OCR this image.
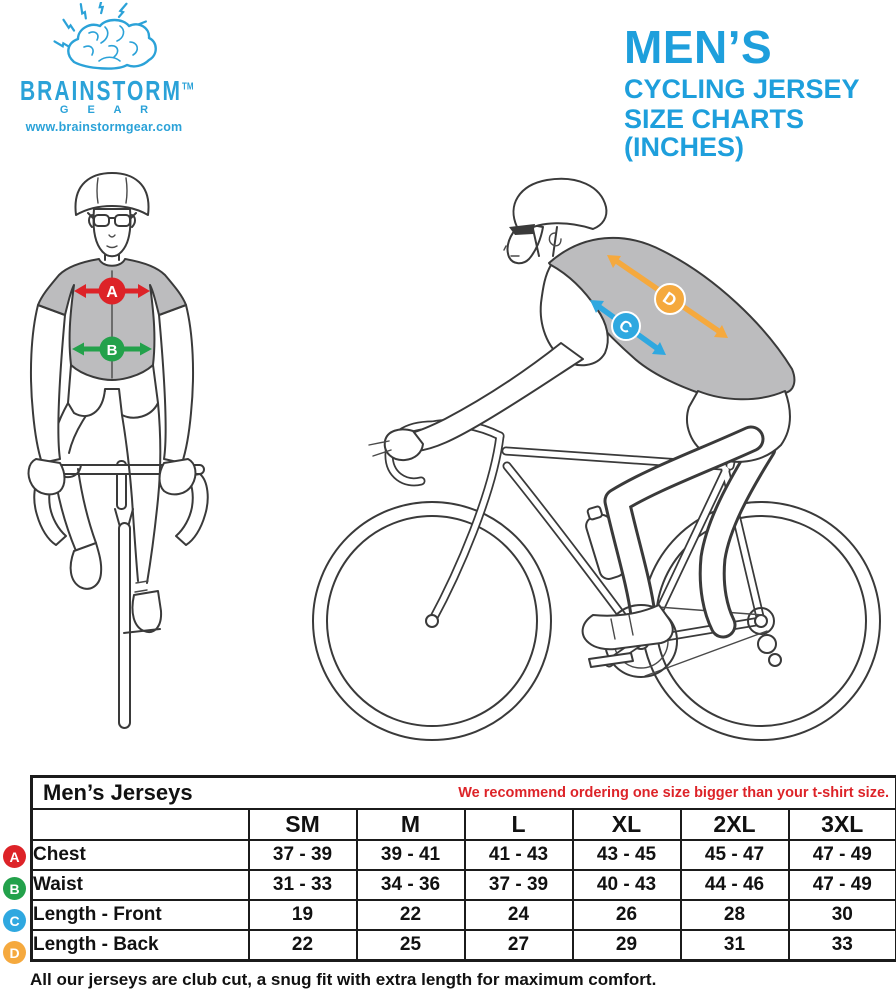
BRAINSTORM™
G E A R
www.brainstormgear.com
MEN’S
CYCLING JERSEY
SIZE CHARTS (INCHES)
A
B
D
C
Men’s Jerseys We recommend ordering one size bigger than your t-shirt size.						

	SM	M	L	XL	2XL	3XL
Chest	37 - 39	39 - 41	41 - 43	43 - 45	45 - 47	47 - 49
Waist	31 - 33	34 - 36	37 - 39	40 - 43	44 - 46	47 - 49
Length - Front	19	22	24	26	28	30
Length - Back	22	25	27	29	31	33
A
B
C
D
All our jerseys are club cut, a snug fit with extra length for maximum comfort.
